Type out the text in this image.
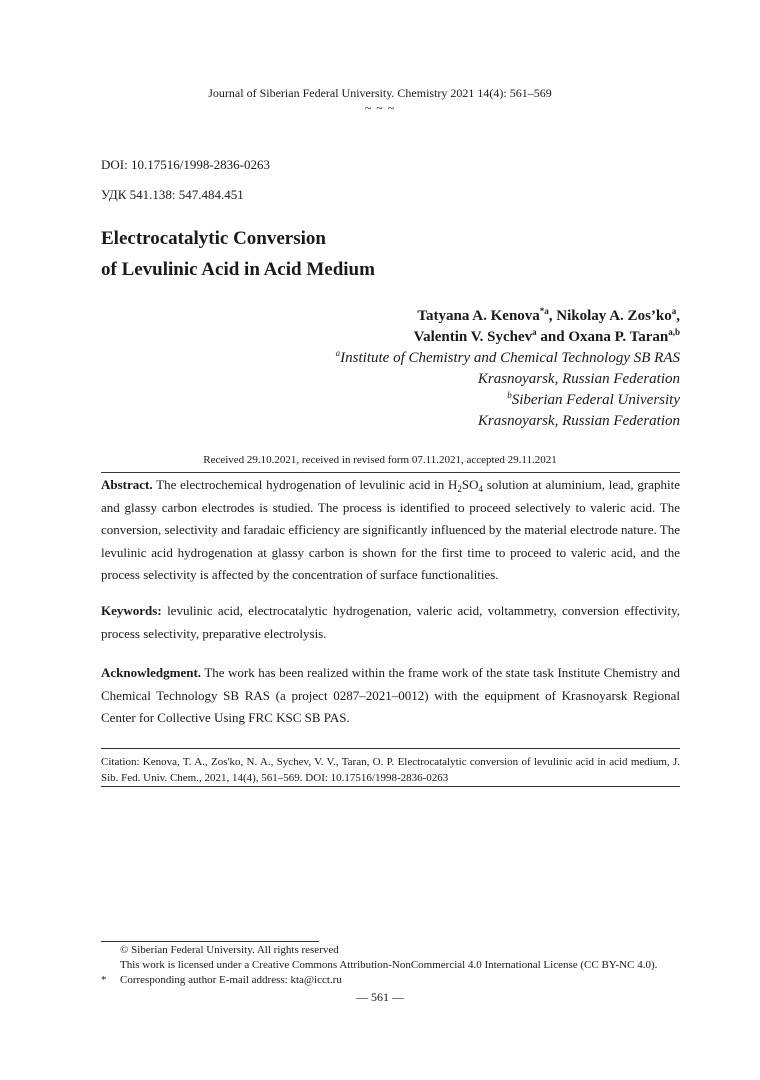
Journal of Siberian Federal University. Chemistry 2021 14(4): 561–569
~ ~ ~
DOI: 10.17516/1998-2836-0263
УДК 541.138: 547.484.451
Electrocatalytic Conversion
of Levulinic Acid in Acid Medium
Tatyana A. Kenova$^{*a}$, Nikolay A. $Zos’ko^a$,
Valentin V. Sychev$^a$ and Oxana P. Taran$^{a,b}$
$^a$Institute of Chemistry and Chemical Technology SB RAS
Krasnoyarsk, Russian Federation
$^b$Siberian Federal University
Krasnoyarsk, Russian Federation
Received 29.10.2021, received in revised form 07.11.2021, accepted 29.11.2021
Abstract. The electrochemical hydrogenation of levulinic acid in $H_2SO_4$ solution at aluminium, lead, graphite and glassy carbon electrodes is studied. The process is identified to proceed selectively to valeric acid. The conversion, selectivity and faradaic efficiency are significantly influenced by the material electrode nature. The levulinic acid hydrogenation at glassy carbon is shown for the first time to proceed to valeric acid, and the process selectivity is affected by the concentration of surface functionalities.
Keywords: levulinic acid, electrocatalytic hydrogenation, valeric acid, voltammetry, conversion effectivity, process selectivity, preparative electrolysis.
Acknowledgment. The work has been realized within the frame work of the state task Institute Chemistry and Chemical Technology SB RAS (a project 0287–2021–0012) with the equipment of Krasnoyarsk Regional Center for Collective Using FRC KSC SB PAS.
Citation: Kenova, T. A., Zos'ko, N. A., Sychev, V. V., Taran, O. P. Electrocatalytic conversion of levulinic acid in acid medium, J. Sib. Fed. Univ. Chem., 2021, 14(4), 561–569. DOI: 10.17516/1998-2836-0263
© Siberian Federal University. All rights reserved
This work is licensed under a Creative Commons Attribution-NonCommercial 4.0 International License (CC BY-NC 4.0).
*	Corresponding author E-mail address: kta@icct.ru
— 561 —
